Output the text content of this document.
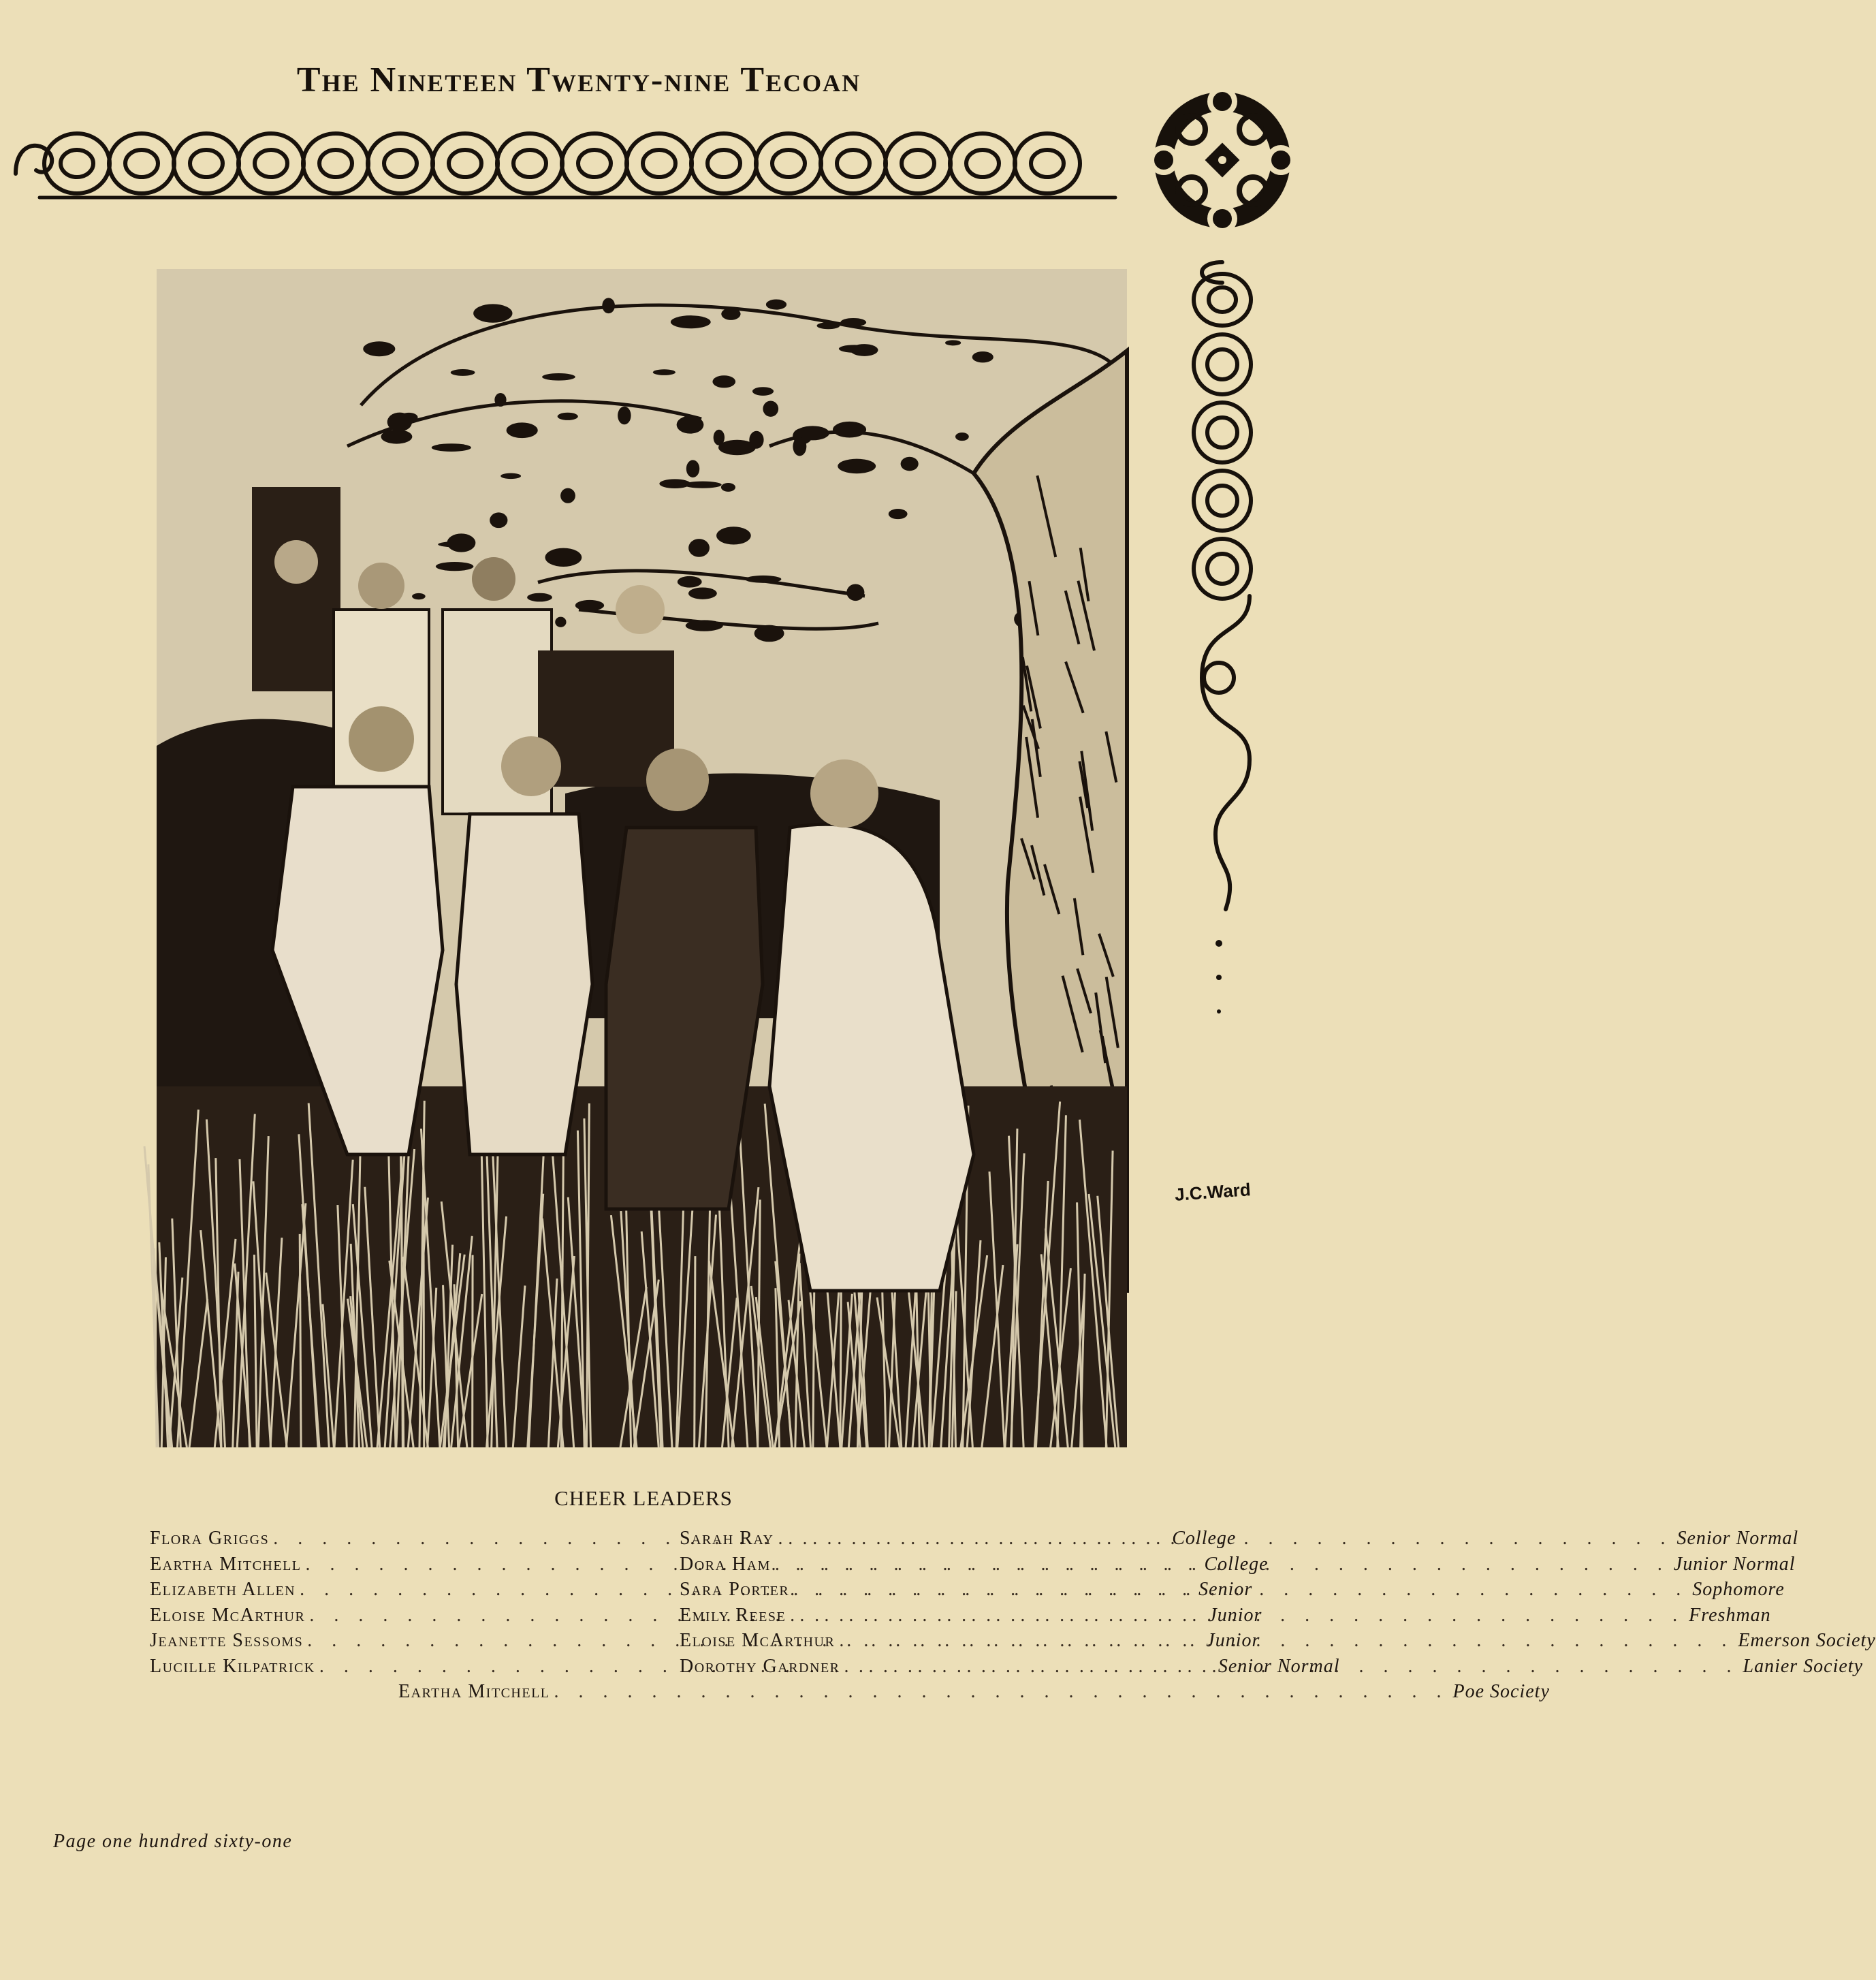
The Nineteen Twenty-nine Tecoan
J.C.Ward
CHEER LEADERS
Flora Griggs . . .	College
Eartha Mitchell . . .	College
Elizabeth Allen . . .	Senior
Eloise McArthur . . .	Junior
Jeanette Sessoms . . .	Junior
Lucille Kilpatrick . . .	Senior Normal
Sarah Ray . . .	Senior Normal
Dora Ham . . .	Junior Normal
Sara Porter . . .	Sophomore
Emily Reese . . .	Freshman
Eloise McArthur . . .	Emerson Society
Dorothy Gardner . . .	Lanier Society
Eartha Mitchell . . .	Poe Society
Page one hundred sixty-one
